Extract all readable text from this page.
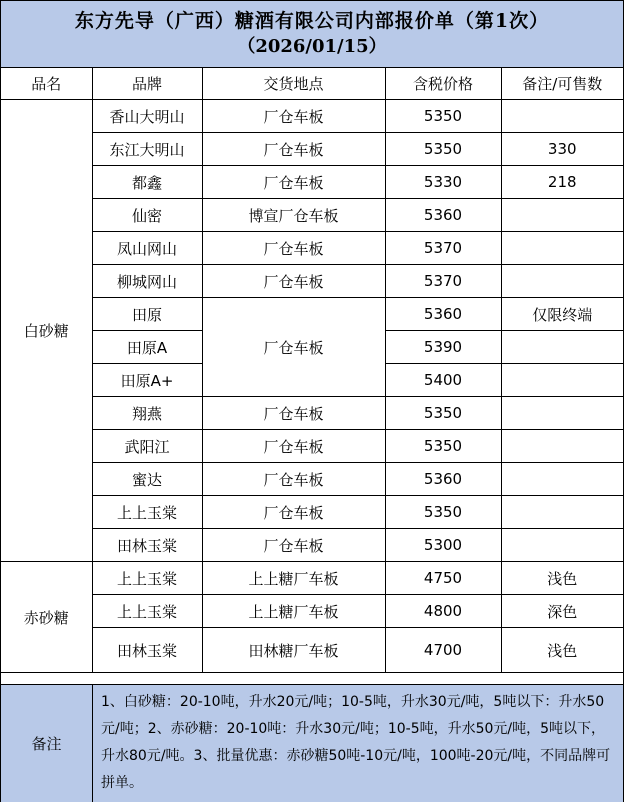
东方先导（广西）糖酒有限公司内部报价单（第1次）
（2026/01/15）
品名	品牌	交货地点	含税价格	备注/可售数
白砂糖	香山大明山	厂仓车板	5350	
	东江大明山	厂仓车板	5350	330
	都鑫	厂仓车板	5330	218
	仙密	博宣厂仓车板	5360	
	凤山网山	厂仓车板	5370	
	柳城网山	厂仓车板	5370	
	田原	厂仓车板	5360	仅限终端
	田原A		5390	
	田原A+		5400	
	翔燕	厂仓车板	5350	
	武阳江	厂仓车板	5350	
	蜜达	厂仓车板	5360	
	上上玉棠	厂仓车板	5350	
	田林玉棠	厂仓车板	5300	
赤砂糖	上上玉棠	上上糖厂车板	4750	浅色
	上上玉棠	上上糖厂车板	4800	深色
	田林玉棠	田林糖厂车板	4700	浅色
备注
1、白砂糖：20-10吨，升水20元/吨；10-5吨，升水30元/吨，5吨以下：升水50元/吨；2、赤砂糖：20-10吨：升水30元/吨；10-5吨，升水50元/吨，5吨以下，升水80元/吨。3、批量优惠：赤砂糖50吨-10元/吨，100吨-20元/吨，不同品牌可拼单。
